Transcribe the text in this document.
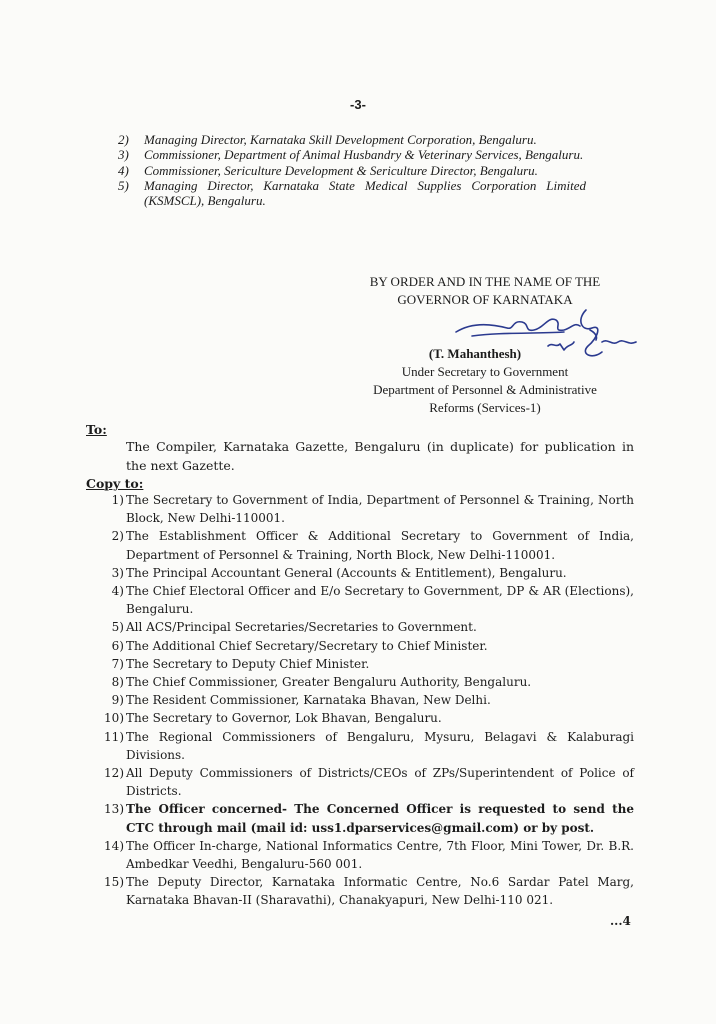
-3-
2)	Managing Director, Karnataka Skill Development Corporation, Bengaluru.
3)	Commissioner, Department of Animal Husbandry & Veterinary Services, Bengaluru.
4)	Commissioner, Sericulture Development & Sericulture Director, Bengaluru.
5)	Managing Director, Karnataka State Medical Supplies Corporation Limited (KSMSCL), Bengaluru.
BY ORDER AND IN THE NAME OF THE
GOVERNOR OF KARNATAKA
(T. Mahanthesh)
Under Secretary to Government
Department of Personnel & Administrative
Reforms (Services-1)
To:
The Compiler, Karnataka Gazette, Bengaluru (in duplicate) for publication in the next Gazette.
Copy to:
1) The Secretary to Government of India, Department of Personnel & Training, North Block, New Delhi-110001.
2) The Establishment Officer & Additional Secretary to Government of India, Department of Personnel & Training, North Block, New Delhi-110001.
3) The Principal Accountant General (Accounts & Entitlement), Bengaluru.
4) The Chief Electoral Officer and E/o Secretary to Government, DP & AR (Elections), Bengaluru.
5) All ACS/Principal Secretaries/Secretaries to Government.
6) The Additional Chief Secretary/Secretary to Chief Minister.
7) The Secretary to Deputy Chief Minister.
8) The Chief Commissioner, Greater Bengaluru Authority, Bengaluru.
9) The Resident Commissioner, Karnataka Bhavan, New Delhi.
10) The Secretary to Governor, Lok Bhavan, Bengaluru.
11) The Regional Commissioners of Bengaluru, Mysuru, Belagavi & Kalaburagi Divisions.
12) All Deputy Commissioners of Districts/CEOs of ZPs/Superintendent of Police of Districts.
13) The Officer concerned- The Concerned Officer is requested to send the CTC through mail (mail id: uss1.dparservices@gmail.com) or by post.
14) The Officer In-charge, National Informatics Centre, 7th Floor, Mini Tower, Dr. B.R. Ambedkar Veedhi, Bengaluru-560 001.
15) The Deputy Director, Karnataka Informatic Centre, No.6 Sardar Patel Marg, Karnataka Bhavan-II (Sharavathi), Chanakyapuri, New Delhi-110 021.
...4
